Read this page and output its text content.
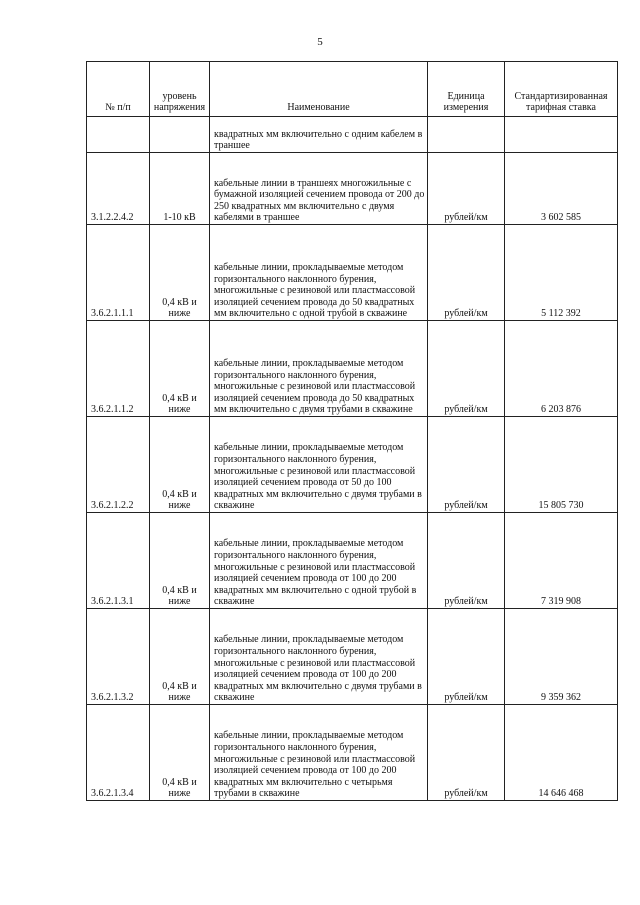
5
№ п/п	уровень напряжения	Наименование	Единица измерения	Стандартизированная тарифная ставка
		квадратных мм включительно с одним кабелем в траншее		
3.1.2.2.4.2	1-10 кВ	кабельные линии в траншеях многожильные с бумажной изоляцией сечением провода от 200 до 250 квадратных мм включительно с двумя кабелями в траншее	рублей/км	3 602 585
3.6.2.1.1.1	0,4 кВ и ниже	кабельные линии, прокладываемые методом горизонтального наклонного бурения, многожильные с резиновой или пластмассовой изоляцией сечением провода до 50 квадратных мм включительно с одной трубой в скважине	рублей/км	5 112 392
3.6.2.1.1.2	0,4 кВ и ниже	кабельные линии, прокладываемые методом горизонтального наклонного бурения, многожильные с резиновой или пластмассовой изоляцией сечением провода до 50 квадратных мм включительно с двумя трубами в скважине	рублей/км	6 203 876
3.6.2.1.2.2	0,4 кВ и ниже	кабельные линии, прокладываемые методом горизонтального наклонного бурения, многожильные с резиновой или пластмассовой изоляцией сечением провода от 50 до 100 квадратных мм включительно с двумя трубами в скважине	рублей/км	15 805 730
3.6.2.1.3.1	0,4 кВ и ниже	кабельные линии, прокладываемые методом горизонтального наклонного бурения, многожильные с резиновой или пластмассовой изоляцией сечением провода от 100 до 200 квадратных мм включительно с одной трубой в скважине	рублей/км	7 319 908
3.6.2.1.3.2	0,4 кВ и ниже	кабельные линии, прокладываемые методом горизонтального наклонного бурения, многожильные с резиновой или пластмассовой изоляцией сечением провода от 100 до 200 квадратных мм включительно с двумя трубами в скважине	рублей/км	9 359 362
3.6.2.1.3.4	0,4 кВ и ниже	кабельные линии, прокладываемые методом горизонтального наклонного бурения, многожильные с резиновой или пластмассовой изоляцией сечением провода от 100 до 200 квадратных мм включительно с четырьмя трубами в скважине	рублей/км	14 646 468
